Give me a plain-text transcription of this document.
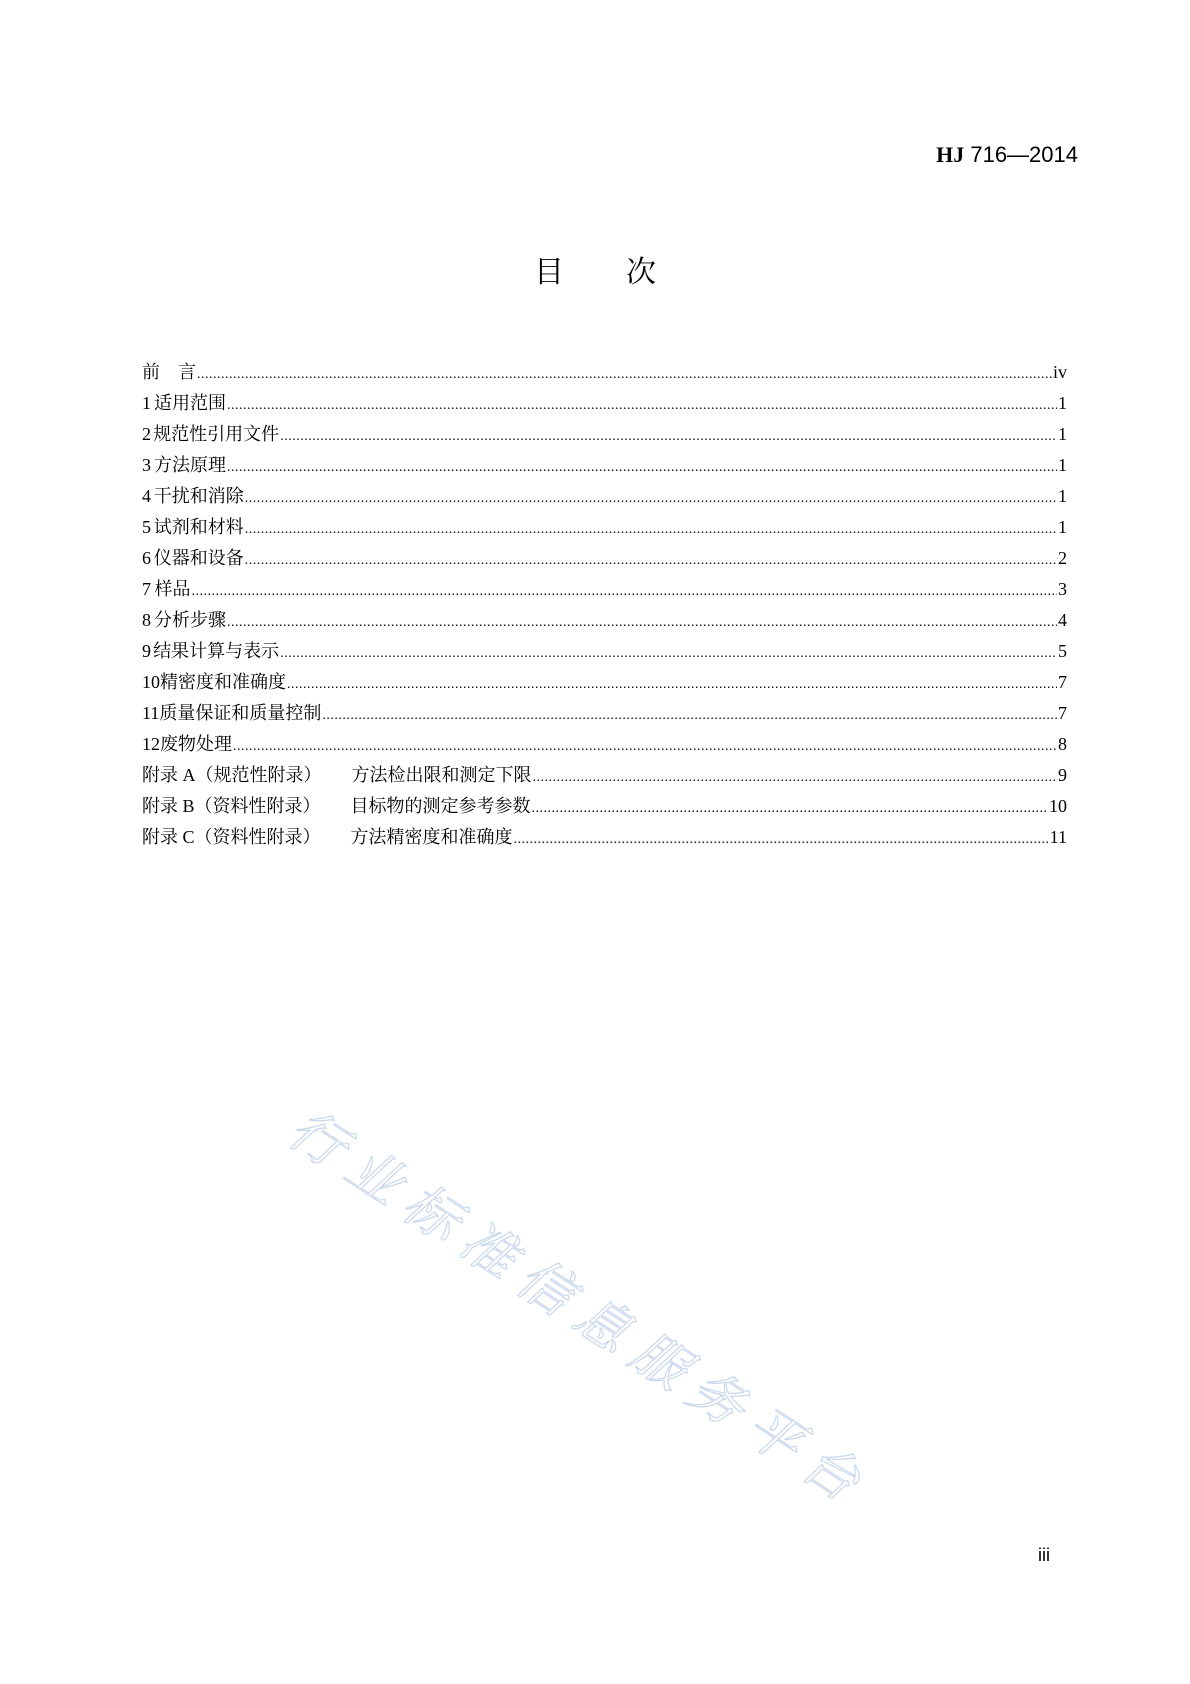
HJ 716—2014
目次
前　言 .....	iv
1 适用范围 .....	1
2 规范性引用文件 .....	1
3 方法原理 .....	1
4 干扰和消除 .....	1
5 试剂和材料 .....	1
6 仪器和设备 .....	2
7 样品 .....	3
8 分析步骤 .....	4
9 结果计算与表示 .....	5
10 精密度和准确度 .....	7
11 质量保证和质量控制 .....	7
12 废物处理 .....	8
附录 A（规范性附录） 方法检出限和测定下限 .....	9
附录 B（资料性附录） 目标物的测定参考参数 .....	10
附录 C（资料性附录） 方法精密度和准确度 .....	11
行业标准信息服务平台
iii
